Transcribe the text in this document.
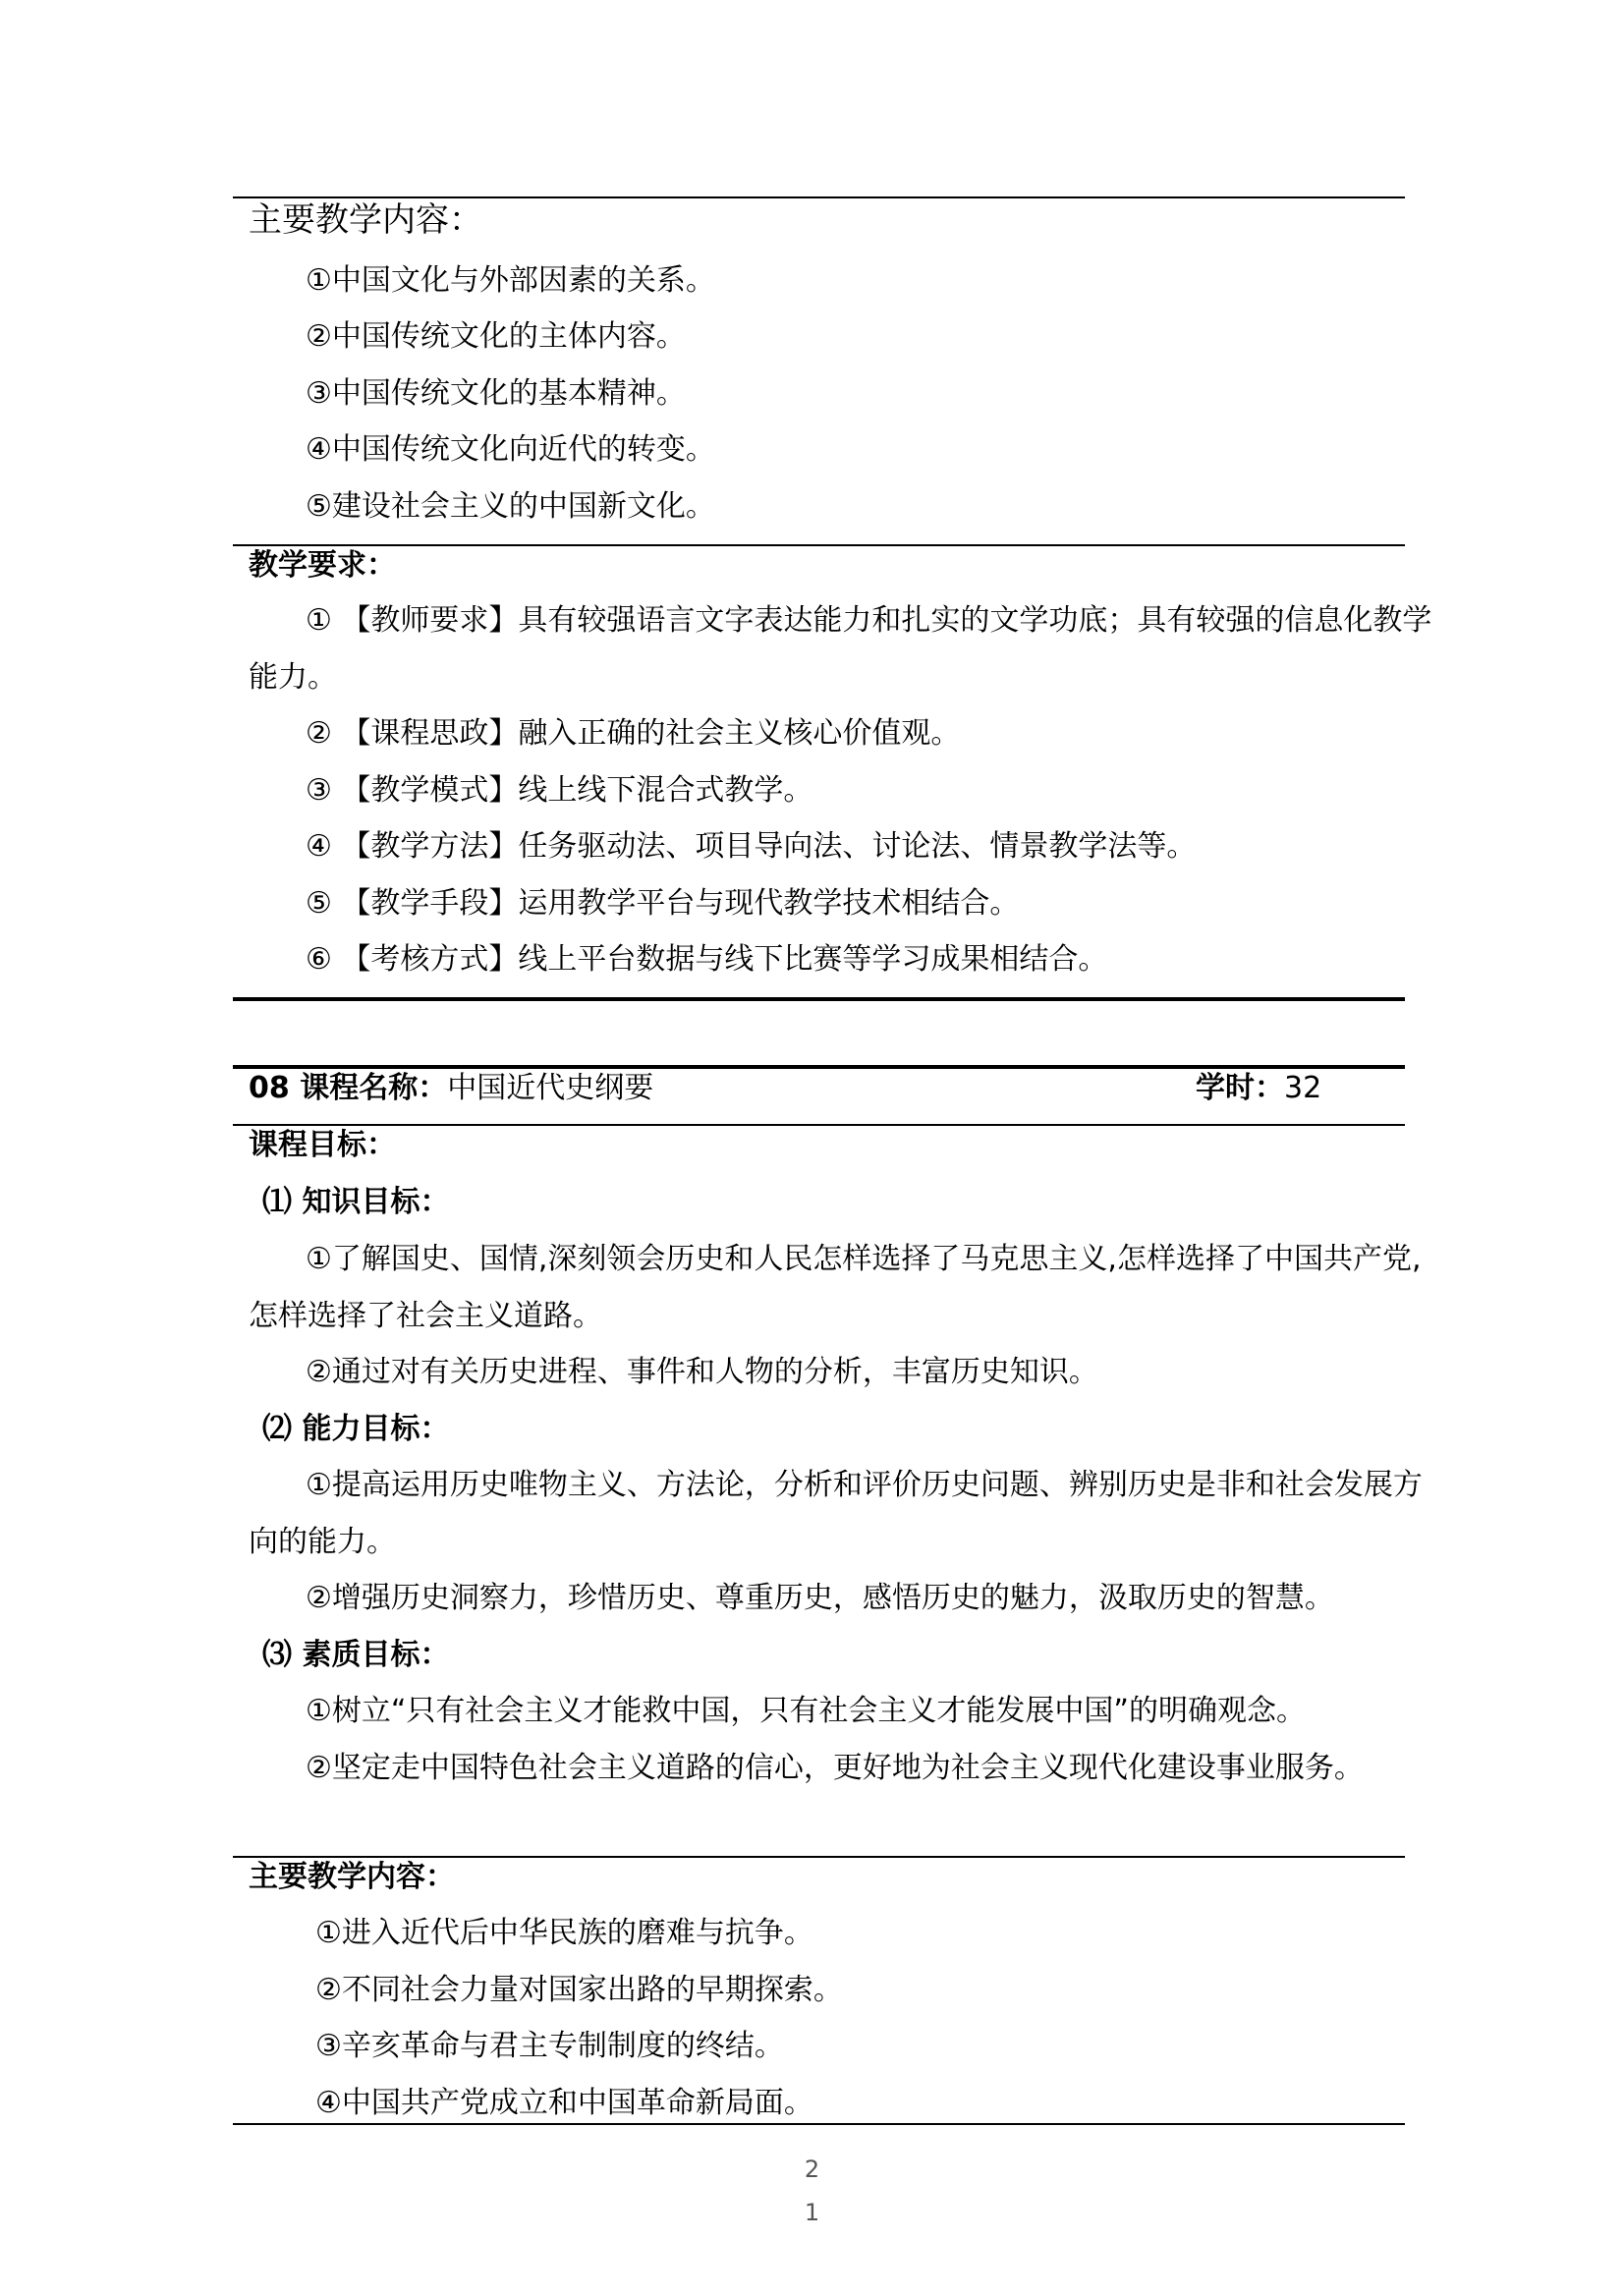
主要教学内容：
①中国文化与外部因素的关系。
②中国传统文化的主体内容。
③中国传统文化的基本精神。
④中国传统文化向近代的转变。
⑤建设社会主义的中国新文化。
教学要求：
① 【教师要求】具有较强语言文字表达能力和扎实的文学功底；具有较强的信息化教学
能力。
② 【课程思政】融入正确的社会主义核心价值观。
③ 【教学模式】线上线下混合式教学。
④ 【教学方法】任务驱动法、项目导向法、讨论法、情景教学法等。
⑤ 【教学手段】运用教学平台与现代教学技术相结合。
⑥ 【考核方式】线上平台数据与线下比赛等学习成果相结合。
08 课程名称：中国近代史纲要	学时：32
课程目标：
⑴ 知识目标：
①了解国史、国情,深刻领会历史和人民怎样选择了马克思主义,怎样选择了中国共产党,
怎样选择了社会主义道路。
②通过对有关历史进程、事件和人物的分析，丰富历史知识。
⑵ 能力目标：
①提高运用历史唯物主义、方法论，分析和评价历史问题、辨别历史是非和社会发展方
向的能力。
②增强历史洞察力，珍惜历史、尊重历史，感悟历史的魅力，汲取历史的智慧。
⑶ 素质目标：
①树立“只有社会主义才能救中国，只有社会主义才能发展中国”的明确观念。
②坚定走中国特色社会主义道路的信心，更好地为社会主义现代化建设事业服务。
主要教学内容：
①进入近代后中华民族的磨难与抗争。
②不同社会力量对国家出路的早期探索。
③辛亥革命与君主专制制度的终结。
④中国共产党成立和中国革命新局面。
2
1
